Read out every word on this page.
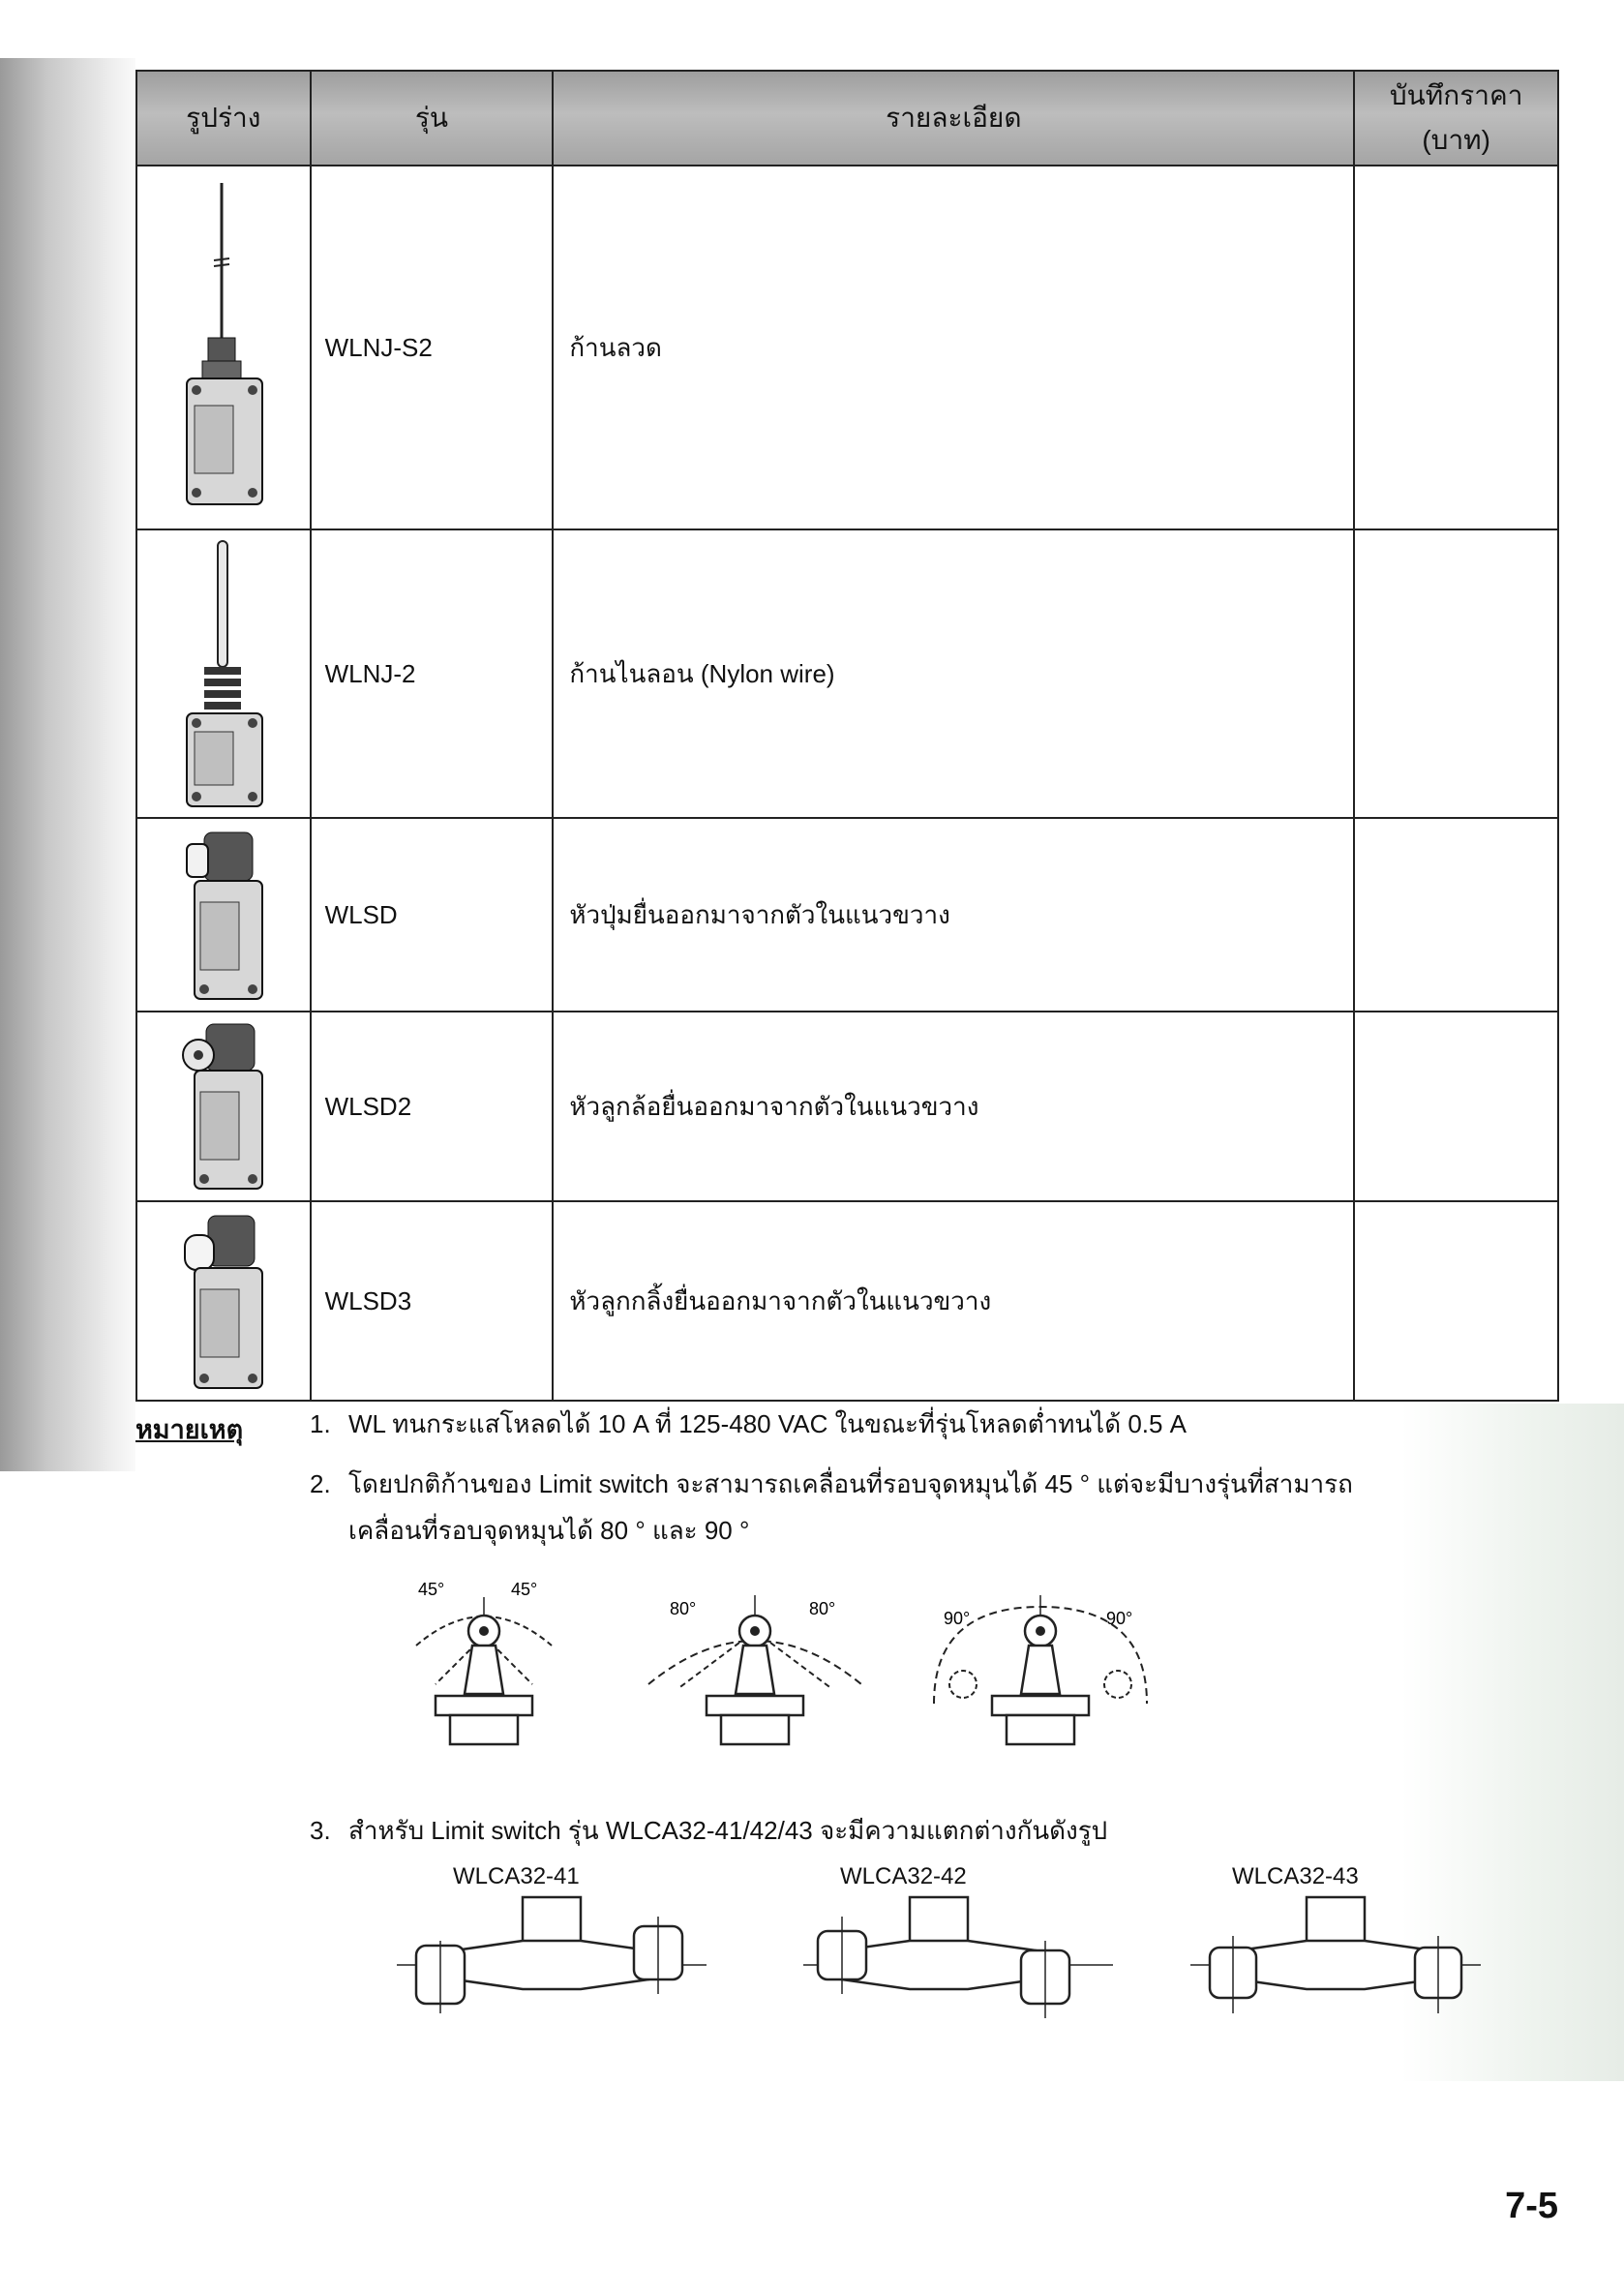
รูปร่าง	รุ่น	รายละเอียด	บันทึกราคา
(บาท)

	WLNJ-S2	ก้านลวด	

	WLNJ-2	ก้านไนลอน (Nylon wire)	

	WLSD	หัวปุ่มยื่นออกมาจากตัวในแนวขวาง	

	WLSD2	หัวลูกล้อยื่นออกมาจากตัวในแนวขวาง	

	WLSD3	หัวลูกกลิ้งยื่นออกมาจากตัวในแนวขวาง	
หมายเหตุ	1. WL ทนกระแสโหลดได้ 10 A ที่ 125-480 VAC ในขณะที่รุ่นโหลดต่ำทนได้ 0.5 A
2. โดยปกติก้านของ Limit switch จะสามารถเคลื่อนที่รอบจุดหมุนได้ 45 ° แต่จะมีบางรุ่นที่สามารถ
เคลื่อนที่รอบจุดหมุนได้ 80 ° และ 90 °
3. สำหรับ Limit switch รุ่น WLCA32-41/42/43 จะมีความแตกต่างกันดังรูป
45°	45°
80°	80°	90°	90°
WLCA32-41	WLCA32-42	WLCA32-43
7-5
